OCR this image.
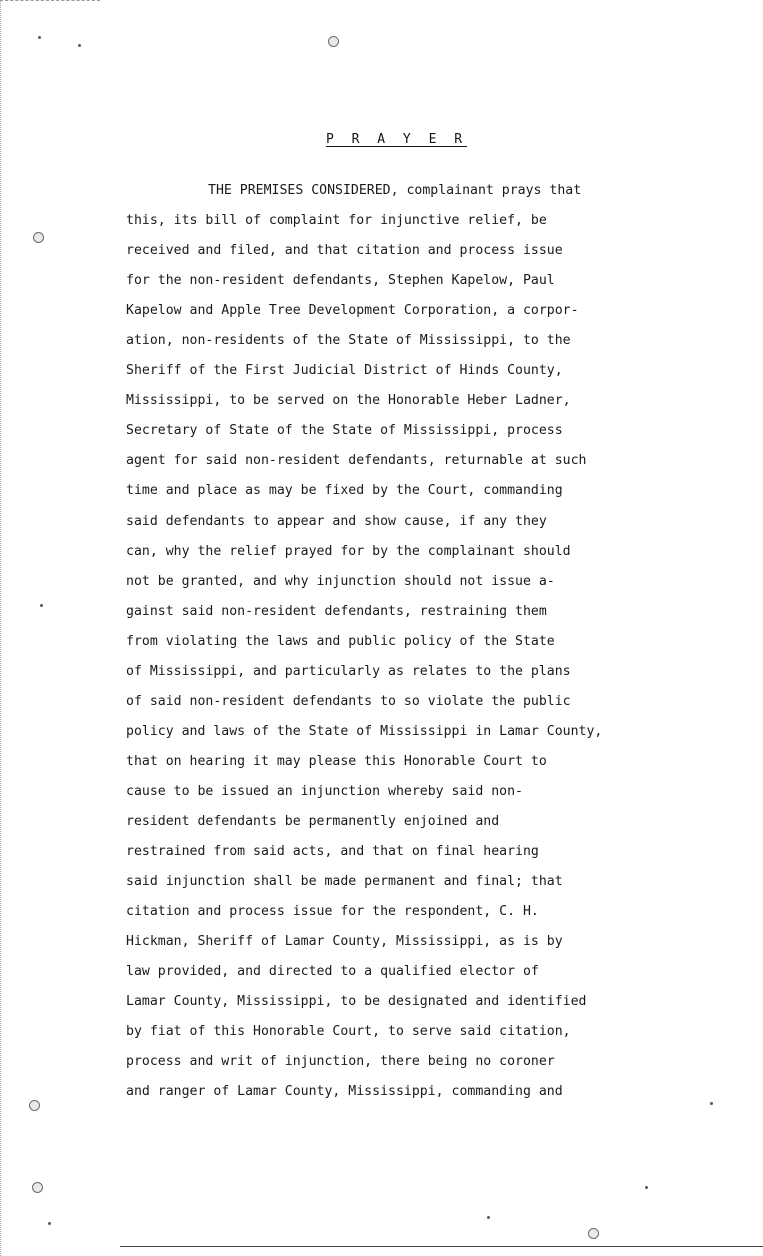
P R A Y E R
THE PREMISES CONSIDERED, complainant prays that
this, its bill of complaint for injunctive relief, be
received and filed, and that citation and process issue
for the non-resident defendants, Stephen Kapelow, Paul
Kapelow and Apple Tree Development Corporation, a corpor-
ation, non-residents of the State of Mississippi, to the
Sheriff of the First Judicial District of Hinds County,
Mississippi, to be served on the Honorable Heber Ladner,
Secretary of State of the State of Mississippi, process
agent for said non-resident defendants, returnable at such
time and place as may be fixed by the Court, commanding
said defendants to appear and show cause, if any they
can, why the relief prayed for by the complainant should
not be granted, and why injunction should not issue a-
gainst said non-resident defendants, restraining them
from violating the laws and public policy of the State
of Mississippi, and particularly as relates to the plans
of said non-resident defendants to so violate the public
policy and laws of the State of Mississippi in Lamar County,
that on hearing it may please this Honorable Court to
cause to be issued an injunction whereby said non-
resident defendants be permanently enjoined and
restrained from said acts, and that on final hearing
said injunction shall be made permanent and final; that
citation and process issue for the respondent, C. H.
Hickman, Sheriff of Lamar County, Mississippi, as is by
law provided, and directed to a qualified elector of
Lamar County, Mississippi, to be designated and identified
by fiat of this Honorable Court, to serve said citation,
process and writ of injunction, there being no coroner
and ranger of Lamar County, Mississippi, commanding and
